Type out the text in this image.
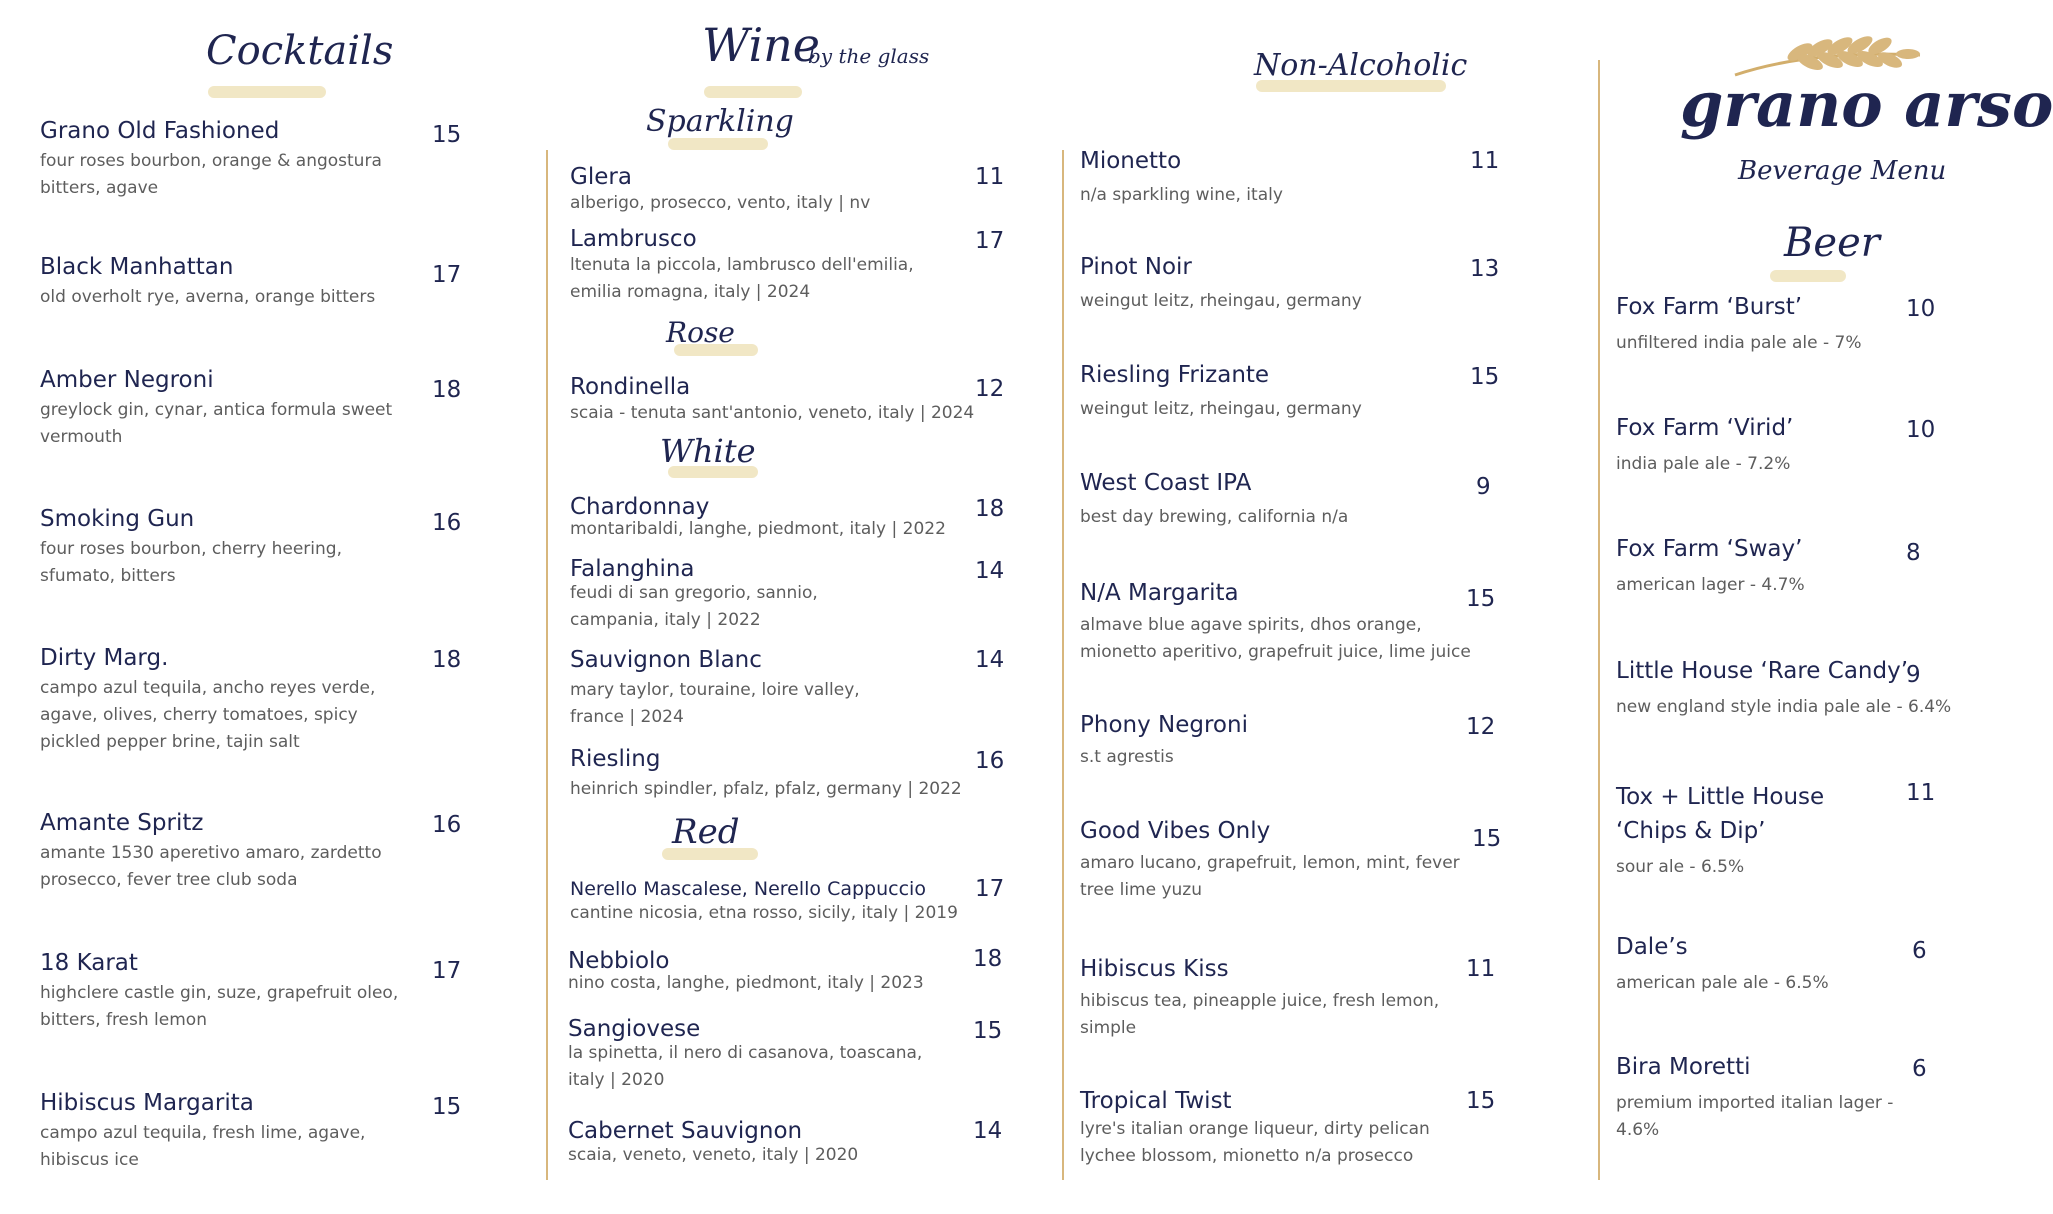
Cocktails
Grano Old Fashioned
four roses bourbon, orange & angostura bitters, agave
15
Black Manhattan
old overholt rye, averna, orange bitters
17
Amber Negroni
greylock gin, cynar, antica formula sweet vermouth
18
Smoking Gun
four roses bourbon, cherry heering, sfumato, bitters
16
Dirty Marg.
campo azul tequila, ancho reyes verde, agave, olives, cherry tomatoes, spicy pickled pepper brine, tajin salt
18
Amante Spritz
amante 1530 aperetivo amaro, zardetto prosecco, fever tree club soda
16
18 Karat
highclere castle gin, suze, grapefruit oleo, bitters, fresh lemon
17
Hibiscus Margarita
campo azul tequila, fresh lime, agave, hibiscus ice
15
Wine
by the glass
Sparkling
Glera
alberigo, prosecco, vento, italy | nv
11
Lambrusco
ltenuta la piccola, lambrusco dell'emilia, emilia romagna, italy | 2024
17
Rose
Rondinella
scaia - tenuta sant'antonio, veneto, italy | 2024
12
White
Chardonnay
montaribaldi, langhe, piedmont, italy | 2022
18
Falanghina
feudi di san gregorio, sannio, campania, italy | 2022
14
Sauvignon Blanc
mary taylor, touraine, loire valley, france | 2024
14
Riesling
heinrich spindler, pfalz, pfalz, germany | 2022
16
Red
Nerello Mascalese, Nerello Cappuccio
cantine nicosia, etna rosso, sicily, italy | 2019
17
Nebbiolo
nino costa, langhe, piedmont, italy | 2023
18
Sangiovese
la spinetta, il nero di casanova, toascana, italy | 2020
15
Cabernet Sauvignon
scaia, veneto, veneto, italy | 2020
14
Non-Alcoholic
Mionetto
n/a sparkling wine, italy
11
Pinot Noir
weingut leitz, rheingau, germany
13
Riesling Frizante
weingut leitz, rheingau, germany
15
West Coast IPA
best day brewing, california n/a
9
N/A Margarita
almave blue agave spirits, dhos orange, mionetto aperitivo, grapefruit juice, lime juice
15
Phony Negroni
s.t agrestis
12
Good Vibes Only
amaro lucano, grapefruit, lemon, mint, fever tree lime yuzu
15
Hibiscus Kiss
hibiscus tea, pineapple juice, fresh lemon, simple
11
Tropical Twist
lyre's italian orange liqueur, dirty pelican lychee blossom, mionetto n/a prosecco
15
grano arso
Beverage Menu
Beer
Fox Farm ‘Burst’
unfiltered india pale ale - 7%
10
Fox Farm ‘Virid’
india pale ale - 7.2%
10
Fox Farm ‘Sway’
american lager - 4.7%
8
Little House ‘Rare Candy’
new england style india pale ale - 6.4%
9
Tox + Little House ‘Chips & Dip’
sour ale - 6.5%
11
Dale’s
american pale ale - 6.5%
6
Bira Moretti
premium imported italian lager - 4.6%
6
